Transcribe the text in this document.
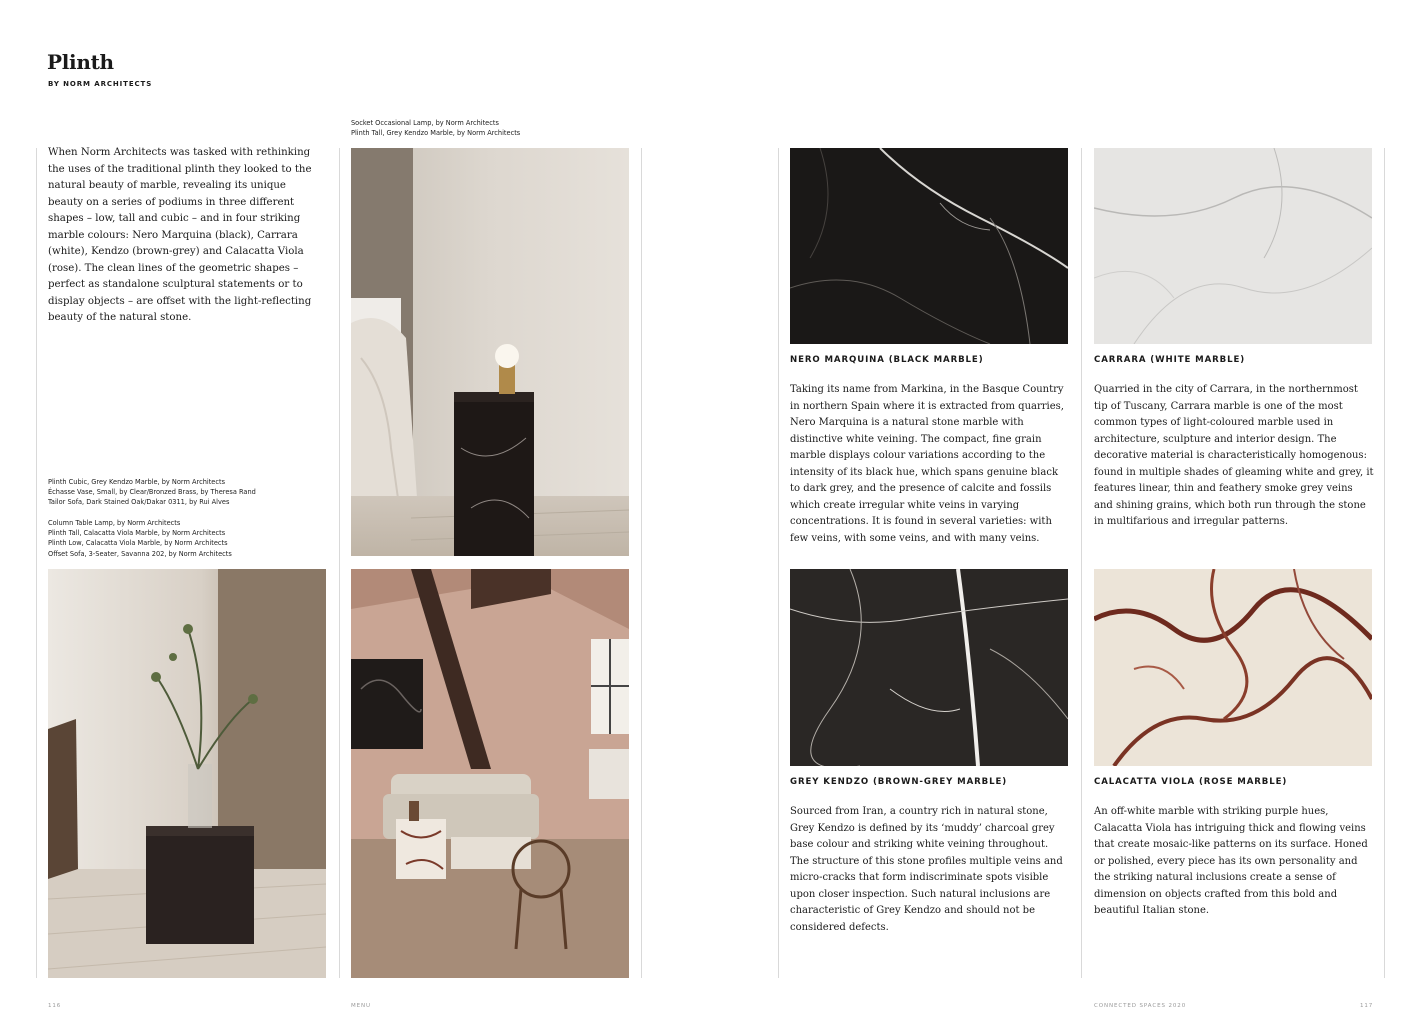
Plinth
BY NORM ARCHITECTS

When Norm Architects was tasked with rethinking the uses of the traditional plinth they looked to the natural beauty of marble, revealing its unique beauty on a series of podiums in three different shapes – low, tall and cubic – and in four striking marble colours: Nero Marquina (black), Carrara (white), Kendzo (brown-grey) and Calacatta Viola (rose). The clean lines of the geometric shapes – perfect as standalone sculptural statements or to display objects – are offset with the light-reflecting beauty of the natural stone.

Socket Occasional Lamp, by Norm Architects
Plinth Tall, Grey Kendzo Marble, by Norm Architects
Plinth Cubic, Grey Kendzo Marble, by Norm Architects
Échasse Vase, Small, by Clear/Bronzed Brass, by Theresa Rand
Tailor Sofa, Dark Stained Oak/Dakar 0311, by Rui Alves
Column Table Lamp, by Norm Architects
Plinth Tall, Calacatta Viola Marble, by Norm Architects
Plinth Low, Calacatta Viola Marble, by Norm Architects
Offset Sofa, 3-Seater, Savanna 202, by Norm Architects
NERO MARQUINA (BLACK MARBLE)

Taking its name from Markina, in the Basque Country in northern Spain where it is extracted from quarries, Nero Marquina is a natural stone marble with distinctive white veining. The compact, fine grain marble displays colour variations according to the intensity of its black hue, which spans genuine black to dark grey, and the presence of calcite and fossils which create irregular white veins in varying concentrations. It is found in several varieties: with few veins, with some veins, and with many veins.

CARRARA (WHITE MARBLE)

Quarried in the city of Carrara, in the northernmost tip of Tuscany, Carrara marble is one of the most common types of light-coloured marble used in architecture, sculpture and interior design. The decorative material is characteristically homogenous: found in multiple shades of gleaming white and grey, it features linear, thin and feathery smoke grey veins and shining grains, which both run through the stone in multifarious and irregular patterns.

GREY KENDZO (BROWN-GREY MARBLE)

Sourced from Iran, a country rich in natural stone, Grey Kendzo is defined by its ‘muddy’ charcoal grey base colour and striking white veining throughout. The structure of this stone profiles multiple veins and micro-cracks that form indiscriminate spots visible upon closer inspection. Such natural inclusions are characteristic of Grey Kendzo and should not be considered defects.

CALACATTA VIOLA (ROSE MARBLE)

An off-white marble with striking purple hues, Calacatta Viola has intriguing thick and flowing veins that create mosaic-like patterns on its surface. Honed or polished, every piece has its own personality and the striking natural inclusions create a sense of dimension on objects crafted from this bold and beautiful Italian stone.

116	MENU	CONNECTED SPACES 2020	117
